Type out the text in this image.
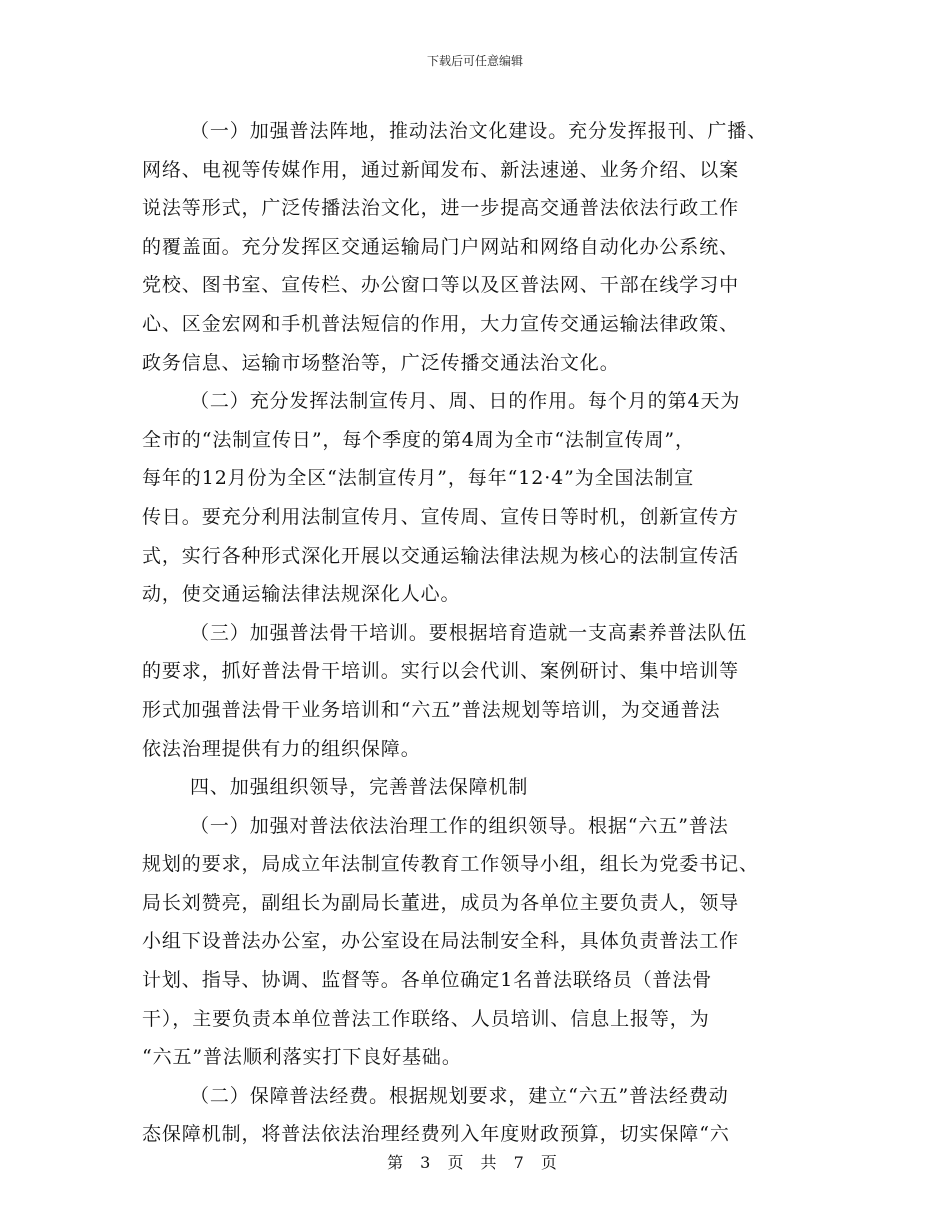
下载后可任意编辑
（一）加强普法阵地，推动法治文化建设。充分发挥报刊、广播、
网络、电视等传媒作用，通过新闻发布、新法速递、业务介绍、以案
说法等形式，广泛传播法治文化，进一步提高交通普法依法行政工作
的覆盖面。充分发挥区交通运输局门户网站和网络自动化办公系统、
党校、图书室、宣传栏、办公窗口等以及区普法网、干部在线学习中
心、区金宏网和手机普法短信的作用，大力宣传交通运输法律政策、
政务信息、运输市场整治等，广泛传播交通法治文化。
（二）充分发挥法制宣传月、周、日的作用。每个月的第4天为
全市的“法制宣传日”，每个季度的第4周为全市“法制宣传周”，
每年的12月份为全区“法制宣传月”，每年“12·4”为全国法制宣
传日。要充分利用法制宣传月、宣传周、宣传日等时机，创新宣传方
式，实行各种形式深化开展以交通运输法律法规为核心的法制宣传活
动，使交通运输法律法规深化人心。
（三）加强普法骨干培训。要根据培育造就一支高素养普法队伍
的要求，抓好普法骨干培训。实行以会代训、案例研讨、集中培训等
形式加强普法骨干业务培训和“六五”普法规划等培训，为交通普法
依法治理提供有力的组织保障。
四、加强组织领导，完善普法保障机制
（一）加强对普法依法治理工作的组织领导。根据“六五”普法
规划的要求，局成立年法制宣传教育工作领导小组，组长为党委书记、
局长刘赞亮，副组长为副局长董进，成员为各单位主要负责人，领导
小组下设普法办公室，办公室设在局法制安全科，具体负责普法工作
计划、指导、协调、监督等。各单位确定1名普法联络员（普法骨
干），主要负责本单位普法工作联络、人员培训、信息上报等，为
“六五”普法顺利落实打下良好基础。
（二）保障普法经费。根据规划要求，建立“六五”普法经费动
态保障机制，将普法依法治理经费列入年度财政预算，切实保障“六
第 3 页 共 7 页
